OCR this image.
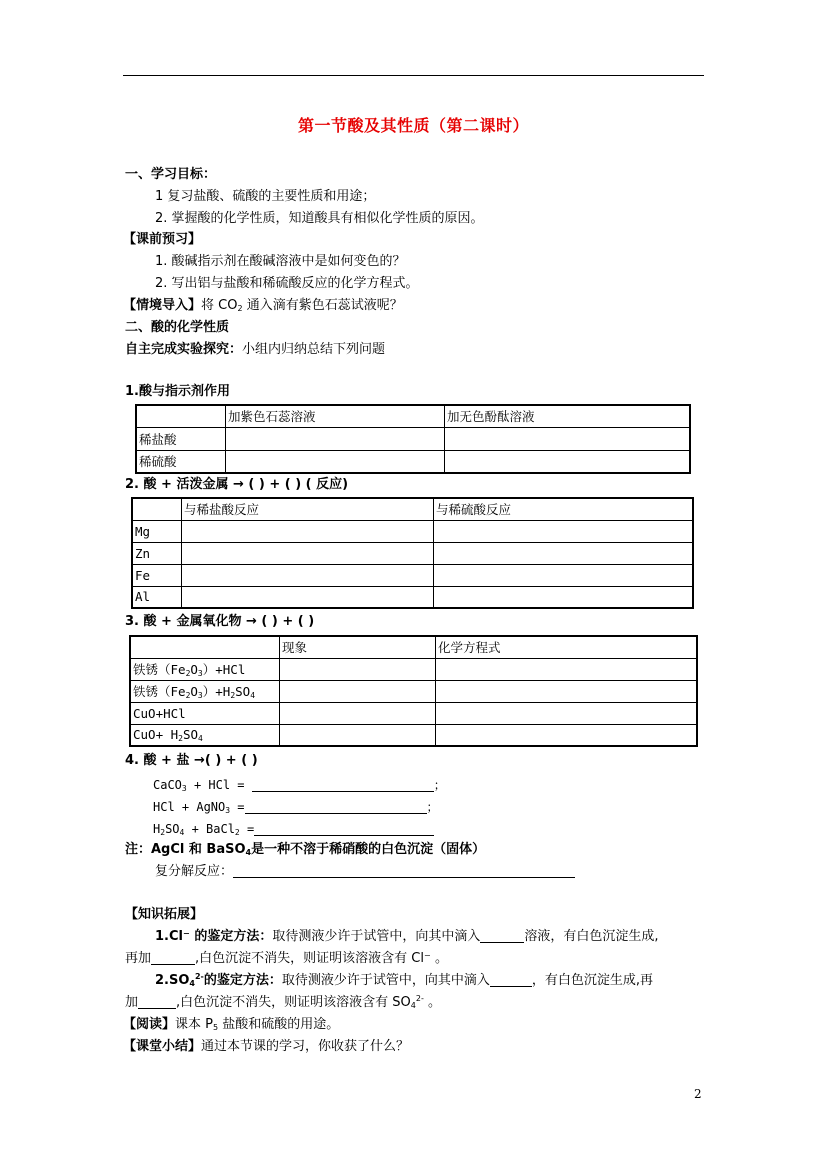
第一节酸及其性质（第二课时）
一、学习目标：
1 复习盐酸、硫酸的主要性质和用途；
2. 掌握酸的化学性质，知道酸具有相似化学性质的原因。
【课前预习】
1. 酸碱指示剂在酸碱溶液中是如何变色的？
2. 写出铝与盐酸和稀硫酸反应的化学方程式。
【情境导入】将 $CO_2$ 通入滴有紫色石蕊试液呢？
二、酸的化学性质
自主完成实验探究：小组内归纳总结下列问题
1.酸与指示剂作用
	加紫色石蕊溶液	加无色酚酞溶液
稀盐酸		
稀硫酸		
2. 酸 + 活泼金属 → ( ) + ( ) ( 反应)
	与稀盐酸反应	与稀硫酸反应
Mg		
Zn		
Fe		
Al		
3. 酸 + 金属氧化物 → ( ) + ( )
	现象	化学方程式
铁锈$(Fe_2O_3)+HCl$		
铁锈$(Fe_2O_3)+H_2SO_4$		
CuO+HCl		
$CuO+ H_2SO_4$		
4. 酸 + 盐 →( ) + ( )
CaCO$_3$ + HCl =	；
HCl + AgNO$_3$ =	；
$H_2SO_4$ + BaCl$_2$ =
注：AgCl 和 BaSO$_4$是一种不溶于稀硝酸的白色沉淀（固体）
复分解反应：
【知识拓展】
1.Cl⁻ 的鉴定方法：取待测液少许于试管中，向其中滴入	溶液，有白色沉淀生成,
再加	,白色沉淀不消失，则证明该溶液含有 Cl⁻ 。
$2.SO_4^{2-}$的鉴定方法：取待测液少许于试管中，向其中滴入	，有白色沉淀生成,再
加	,白色沉淀不消失，则证明该溶液含有 $SO_4^{2-}$ 。
【阅读】课本 $P_5$ 盐酸和硫酸的用途。
【课堂小结】通过本节课的学习，你收获了什么？
2
